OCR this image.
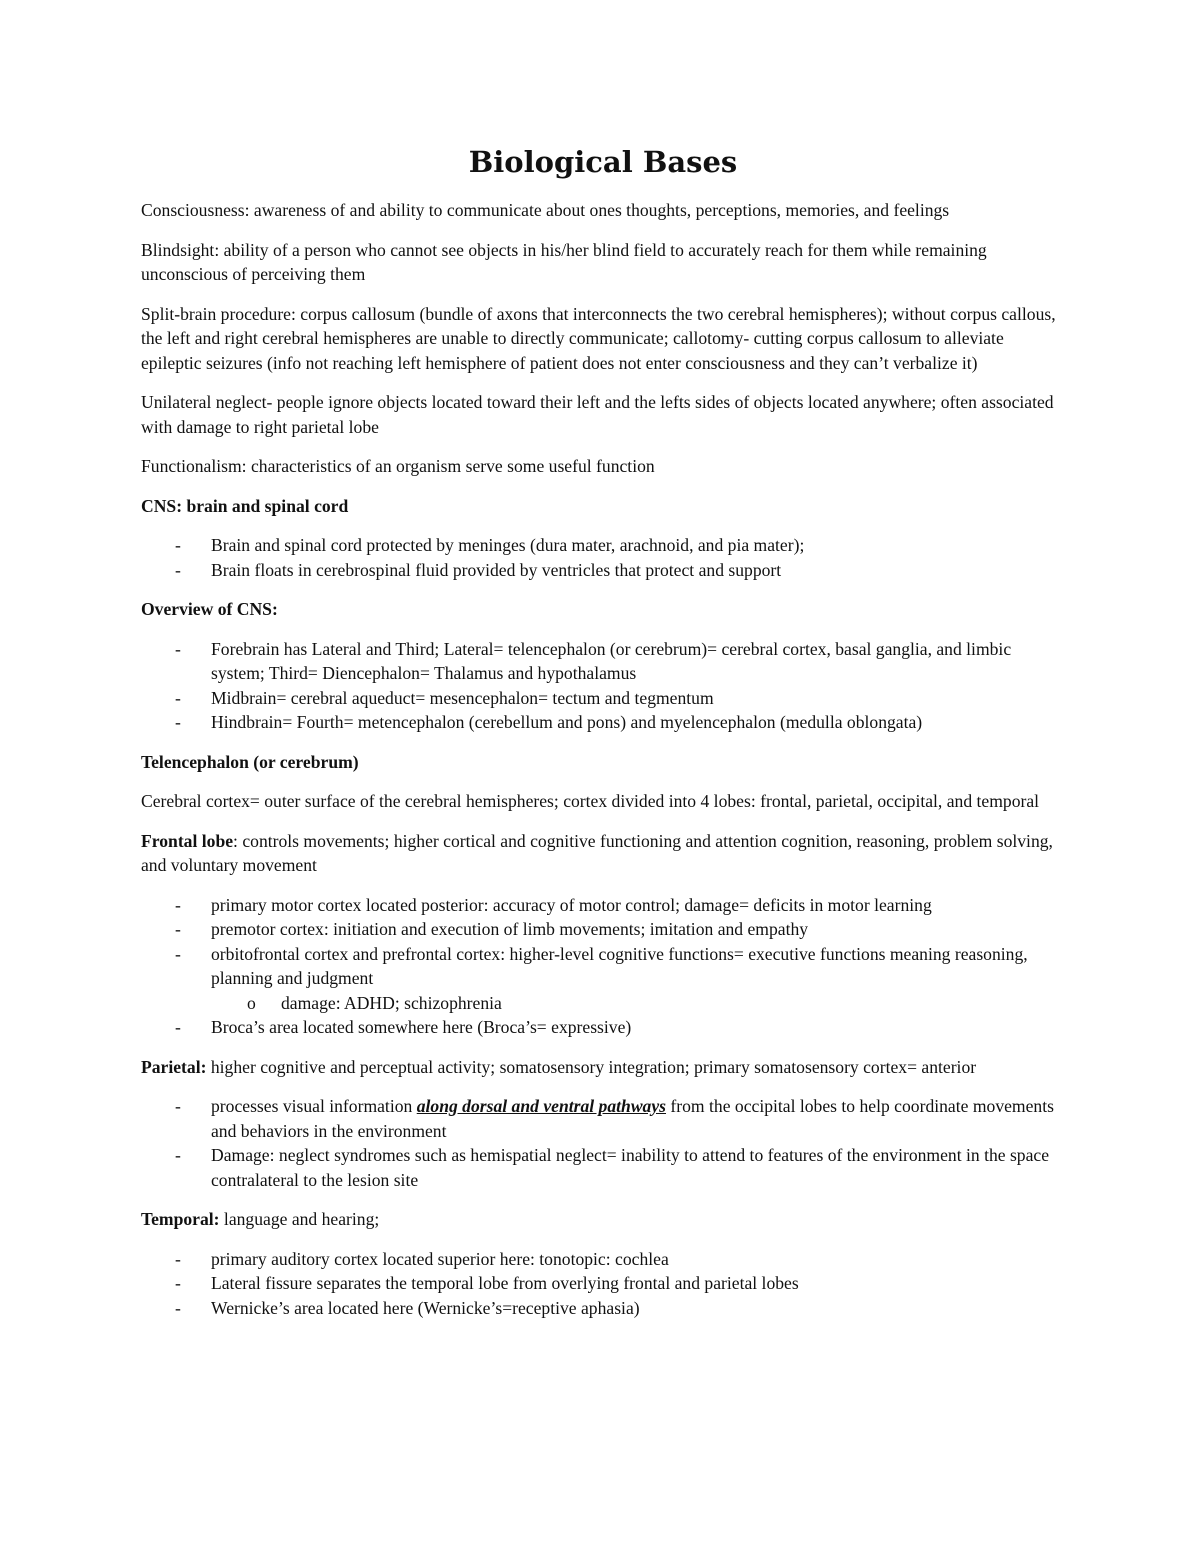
Biological Bases

Consciousness: awareness of and ability to communicate about ones thoughts, perceptions, memories, and feelings

Blindsight: ability of a person who cannot see objects in his/her blind field to accurately reach for them while remaining unconscious of perceiving them

Split-brain procedure: corpus callosum (bundle of axons that interconnects the two cerebral hemispheres); without corpus callous, the left and right cerebral hemispheres are unable to directly communicate; callotomy- cutting corpus callosum to alleviate epileptic seizures (info not reaching left hemisphere of patient does not enter consciousness and they can’t verbalize it)

Unilateral neglect- people ignore objects located toward their left and the lefts sides of objects located anywhere; often associated with damage to right parietal lobe

Functionalism: characteristics of an organism serve some useful function

CNS: brain and spinal cord

- Brain and spinal cord protected by meninges (dura mater, arachnoid, and pia mater);
- Brain floats in cerebrospinal fluid provided by ventricles that protect and support

Overview of CNS:

- Forebrain has Lateral and Third; Lateral= telencephalon (or cerebrum)= cerebral cortex, basal ganglia, and limbic system; Third= Diencephalon= Thalamus and hypothalamus
- Midbrain= cerebral aqueduct= mesencephalon= tectum and tegmentum
- Hindbrain= Fourth= metencephalon (cerebellum and pons) and myelencephalon (medulla oblongata)

Telencephalon (or cerebrum)

Cerebral cortex= outer surface of the cerebral hemispheres; cortex divided into 4 lobes: frontal, parietal, occipital, and temporal

Frontal lobe: controls movements; higher cortical and cognitive functioning and attention cognition, reasoning, problem solving, and voluntary movement

- primary motor cortex located posterior: accuracy of motor control; damage= deficits in motor learning
- premotor cortex: initiation and execution of limb movements; imitation and empathy
- orbitofrontal cortex and prefrontal cortex: higher-level cognitive functions= executive functions meaning reasoning, planning and judgment
o damage: ADHD; schizophrenia
- Broca’s area located somewhere here (Broca’s= expressive)

Parietal: higher cognitive and perceptual activity; somatosensory integration; primary somatosensory cortex= anterior

- processes visual information along dorsal and ventral pathways from the occipital lobes to help coordinate movements and behaviors in the environment
- Damage: neglect syndromes such as hemispatial neglect= inability to attend to features of the environment in the space contralateral to the lesion site

Temporal: language and hearing;

- primary auditory cortex located superior here: tonotopic: cochlea
- Lateral fissure separates the temporal lobe from overlying frontal and parietal lobes
- Wernicke’s area located here (Wernicke’s=receptive aphasia)
